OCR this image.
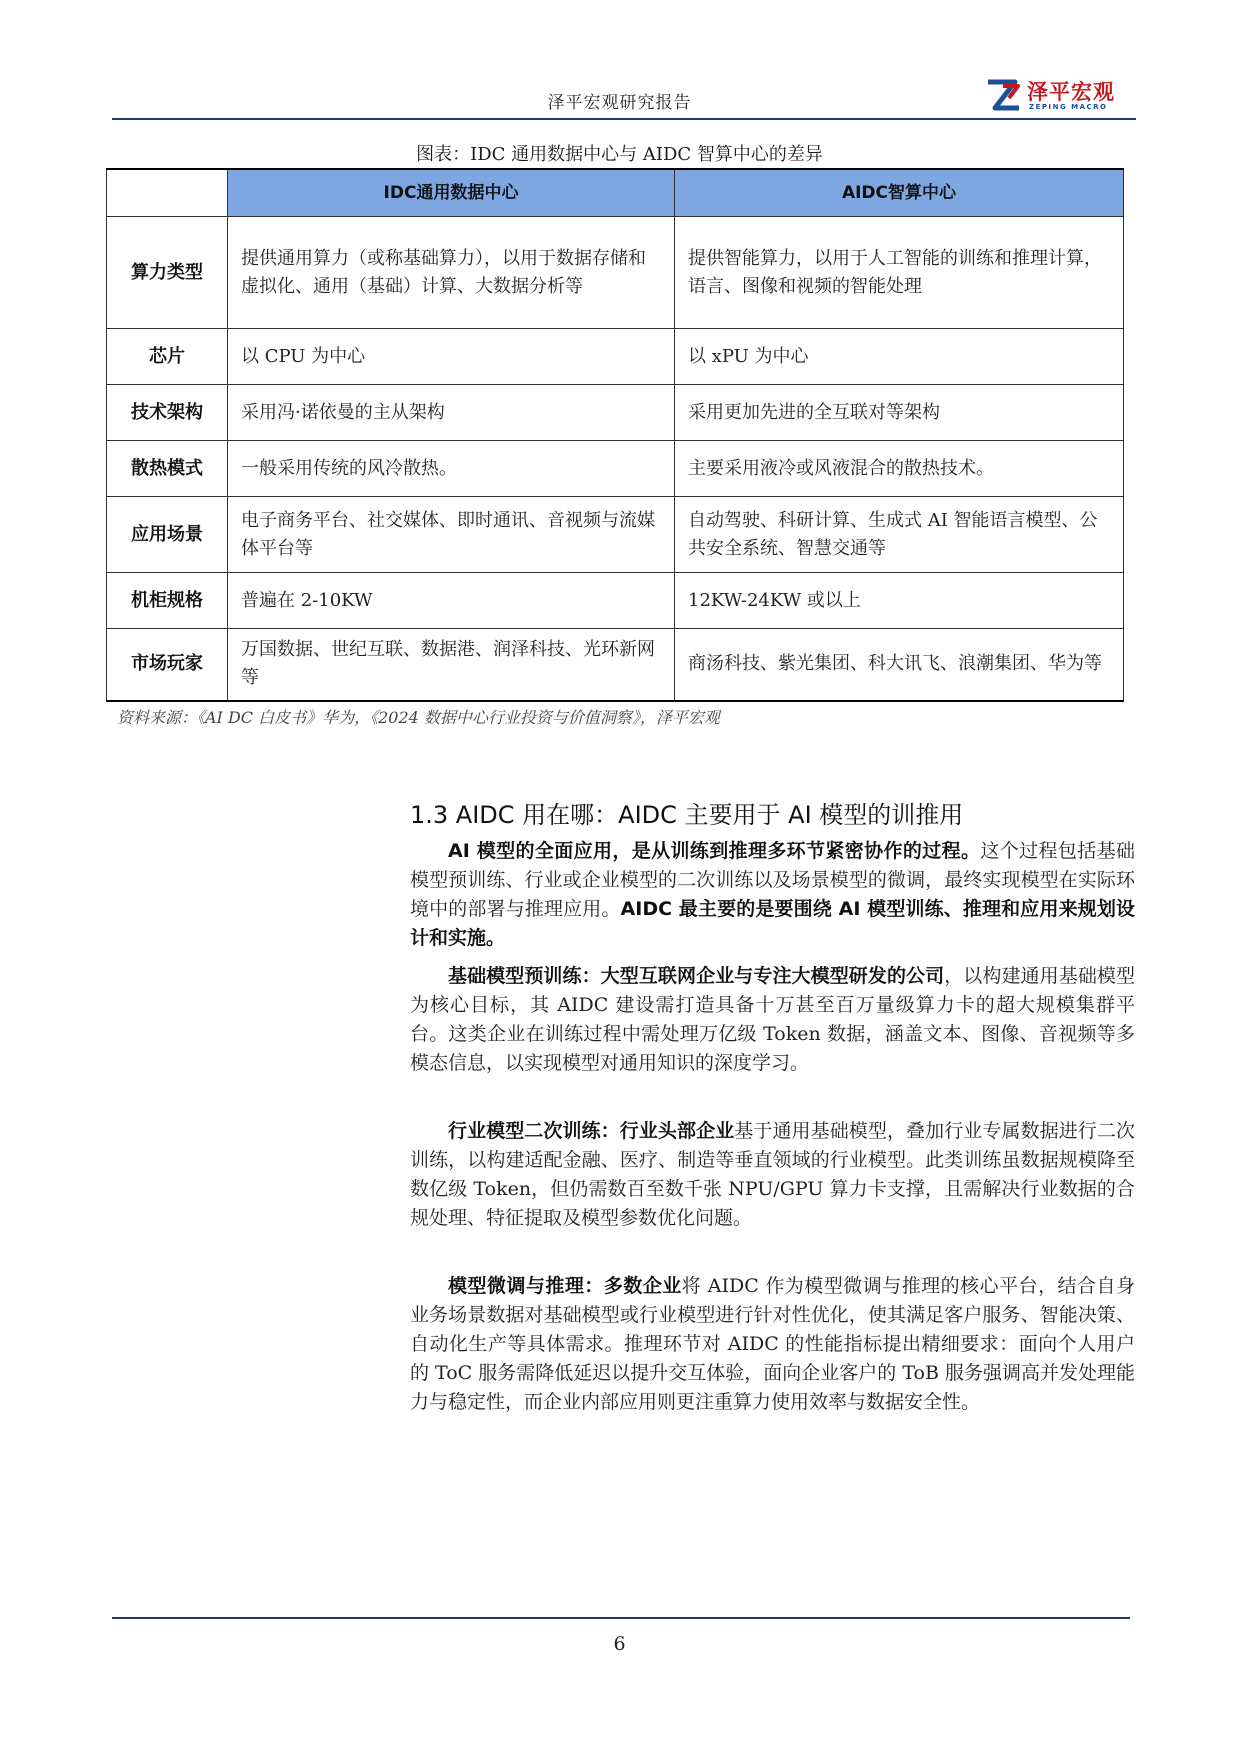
泽平宏观研究报告	泽平宏观
ZEPING MACRO
图表：IDC 通用数据中心与 AIDC 智算中心的差异
	IDC通用数据中心	AIDC智算中心
算力类型	提供通用算力（或称基础算力），以用于数据存储和虚拟化、通用（基础）计算、大数据分析等	提供智能算力，以用于人工智能的训练和推理计算，语言、图像和视频的智能处理
芯片	以 CPU 为中心	以 xPU 为中心
技术架构	采用冯·诺依曼的主从架构	采用更加先进的全互联对等架构
散热模式	一般采用传统的风冷散热。	主要采用液冷或风液混合的散热技术。
应用场景	电子商务平台、社交媒体、即时通讯、音视频与流媒体平台等	自动驾驶、科研计算、生成式 AI 智能语言模型、公共安全系统、智慧交通等
机柜规格	普遍在 2-10KW	12KW-24KW 或以上
市场玩家	万国数据、世纪互联、数据港、润泽科技、光环新网等	商汤科技、紫光集团、科大讯飞、浪潮集团、华为等
资料来源：《AI DC 白皮书》华为，《2024 数据中心行业投资与价值洞察》，泽平宏观
1.3 AIDC 用在哪：AIDC 主要用于 AI 模型的训推用

AI 模型的全面应用，是从训练到推理多环节紧密协作的过程。这个过程包括基础模型预训练、行业或企业模型的二次训练以及场景模型的微调，最终实现模型在实际环境中的部署与推理应用。AIDC 最主要的是要围绕 AI 模型训练、推理和应用来规划设计和实施。

基础模型预训练：大型互联网企业与专注大模型研发的公司，以构建通用基础模型为核心目标，其 AIDC 建设需打造具备十万甚至百万量级算力卡的超大规模集群平台。这类企业在训练过程中需处理万亿级 Token 数据，涵盖文本、图像、音视频等多模态信息，以实现模型对通用知识的深度学习。

行业模型二次训练：行业头部企业基于通用基础模型，叠加行业专属数据进行二次训练，以构建适配金融、医疗、制造等垂直领域的行业模型。此类训练虽数据规模降至数亿级 Token，但仍需数百至数千张 NPU/GPU 算力卡支撑，且需解决行业数据的合规处理、特征提取及模型参数优化问题。

模型微调与推理：多数企业将 AIDC 作为模型微调与推理的核心平台，结合自身业务场景数据对基础模型或行业模型进行针对性优化，使其满足客户服务、智能决策、自动化生产等具体需求。推理环节对 AIDC 的性能指标提出精细要求：面向个人用户的 ToC 服务需降低延迟以提升交互体验，面向企业客户的 ToB 服务强调高并发处理能力与稳定性，而企业内部应用则更注重算力使用效率与数据安全性。

6
